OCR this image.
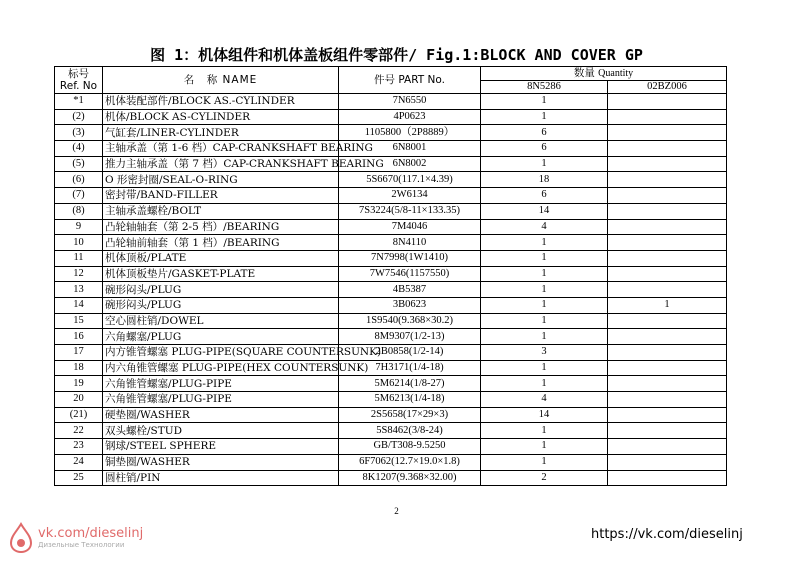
图 1：机体组件和机体盖板组件零部件/ Fig.1:BLOCK AND COVER GP
标号
Ref. No	名　称 NAME	件号 PART No.	数量 Quantity	
			8N5286	02BZ006
*1	机体装配部件/BLOCK AS.-CYLINDER	7N6550	1	
(2)	机体/BLOCK AS-CYLINDER	4P0623	1	
(3)	气缸套/LINER-CYLINDER	1105800（2P8889）	6	
(4)	主轴承盖（第 1-6 档）CAP-CRANKSHAFT BEARING	6N8001	6	
(5)	推力主轴承盖（第 7 档）CAP-CRANKSHAFT BEARING	6N8002	1	
(6)	O 形密封圈/SEAL-O-RING	5S6670(117.1×4.39)	18	
(7)	密封带/BAND-FILLER	2W6134	6	
(8)	主轴承盖螺栓/BOLT	7S3224(5/8-11×133.35)	14	
9	凸轮轴轴套（第 2-5 档）/BEARING	7M4046	4	
10	凸轮轴前轴套（第 1 档）/BEARING	8N4110	1	
11	机体顶板/PLATE	7N7998(1W1410)	1	
12	机体顶板垫片/GASKET-PLATE	7W7546(1157550)	1	
13	碗形闷头/PLUG	4B5387	1	
14	碗形闷头/PLUG	3B0623	1	1
15	空心圆柱销/DOWEL	1S9540(9.368×30.2)	1	
16	六角螺塞/PLUG	8M9307(1/2-13)	1	
17	内方锥管螺塞 PLUG-PIPE(SQUARE COUNTERSUNK)	2B0858(1/2-14)	3	
18	内六角锥管螺塞 PLUG-PIPE(HEX COUNTERSUNK)	7H3171(1/4-18)	1	
19	六角锥管螺塞/PLUG-PIPE	5M6214(1/8-27)	1	
20	六角锥管螺塞/PLUG-PIPE	5M6213(1/4-18)	4	
(21)	硬垫圈/WASHER	2S5658(17×29×3)	14	
22	双头螺栓/STUD	5S8462(3/8-24)	1	
23	钢球/STEEL SPHERE	GB/T308-9.5250	1	
24	铜垫圈/WASHER	6F7062(12.7×19.0×1.8)	1	
25	圆柱销/PIN	8K1207(9.368×32.00)	2	
2
https://vk.com/dieselinj
vk.com/dieselinj
Дизельные Технологии
